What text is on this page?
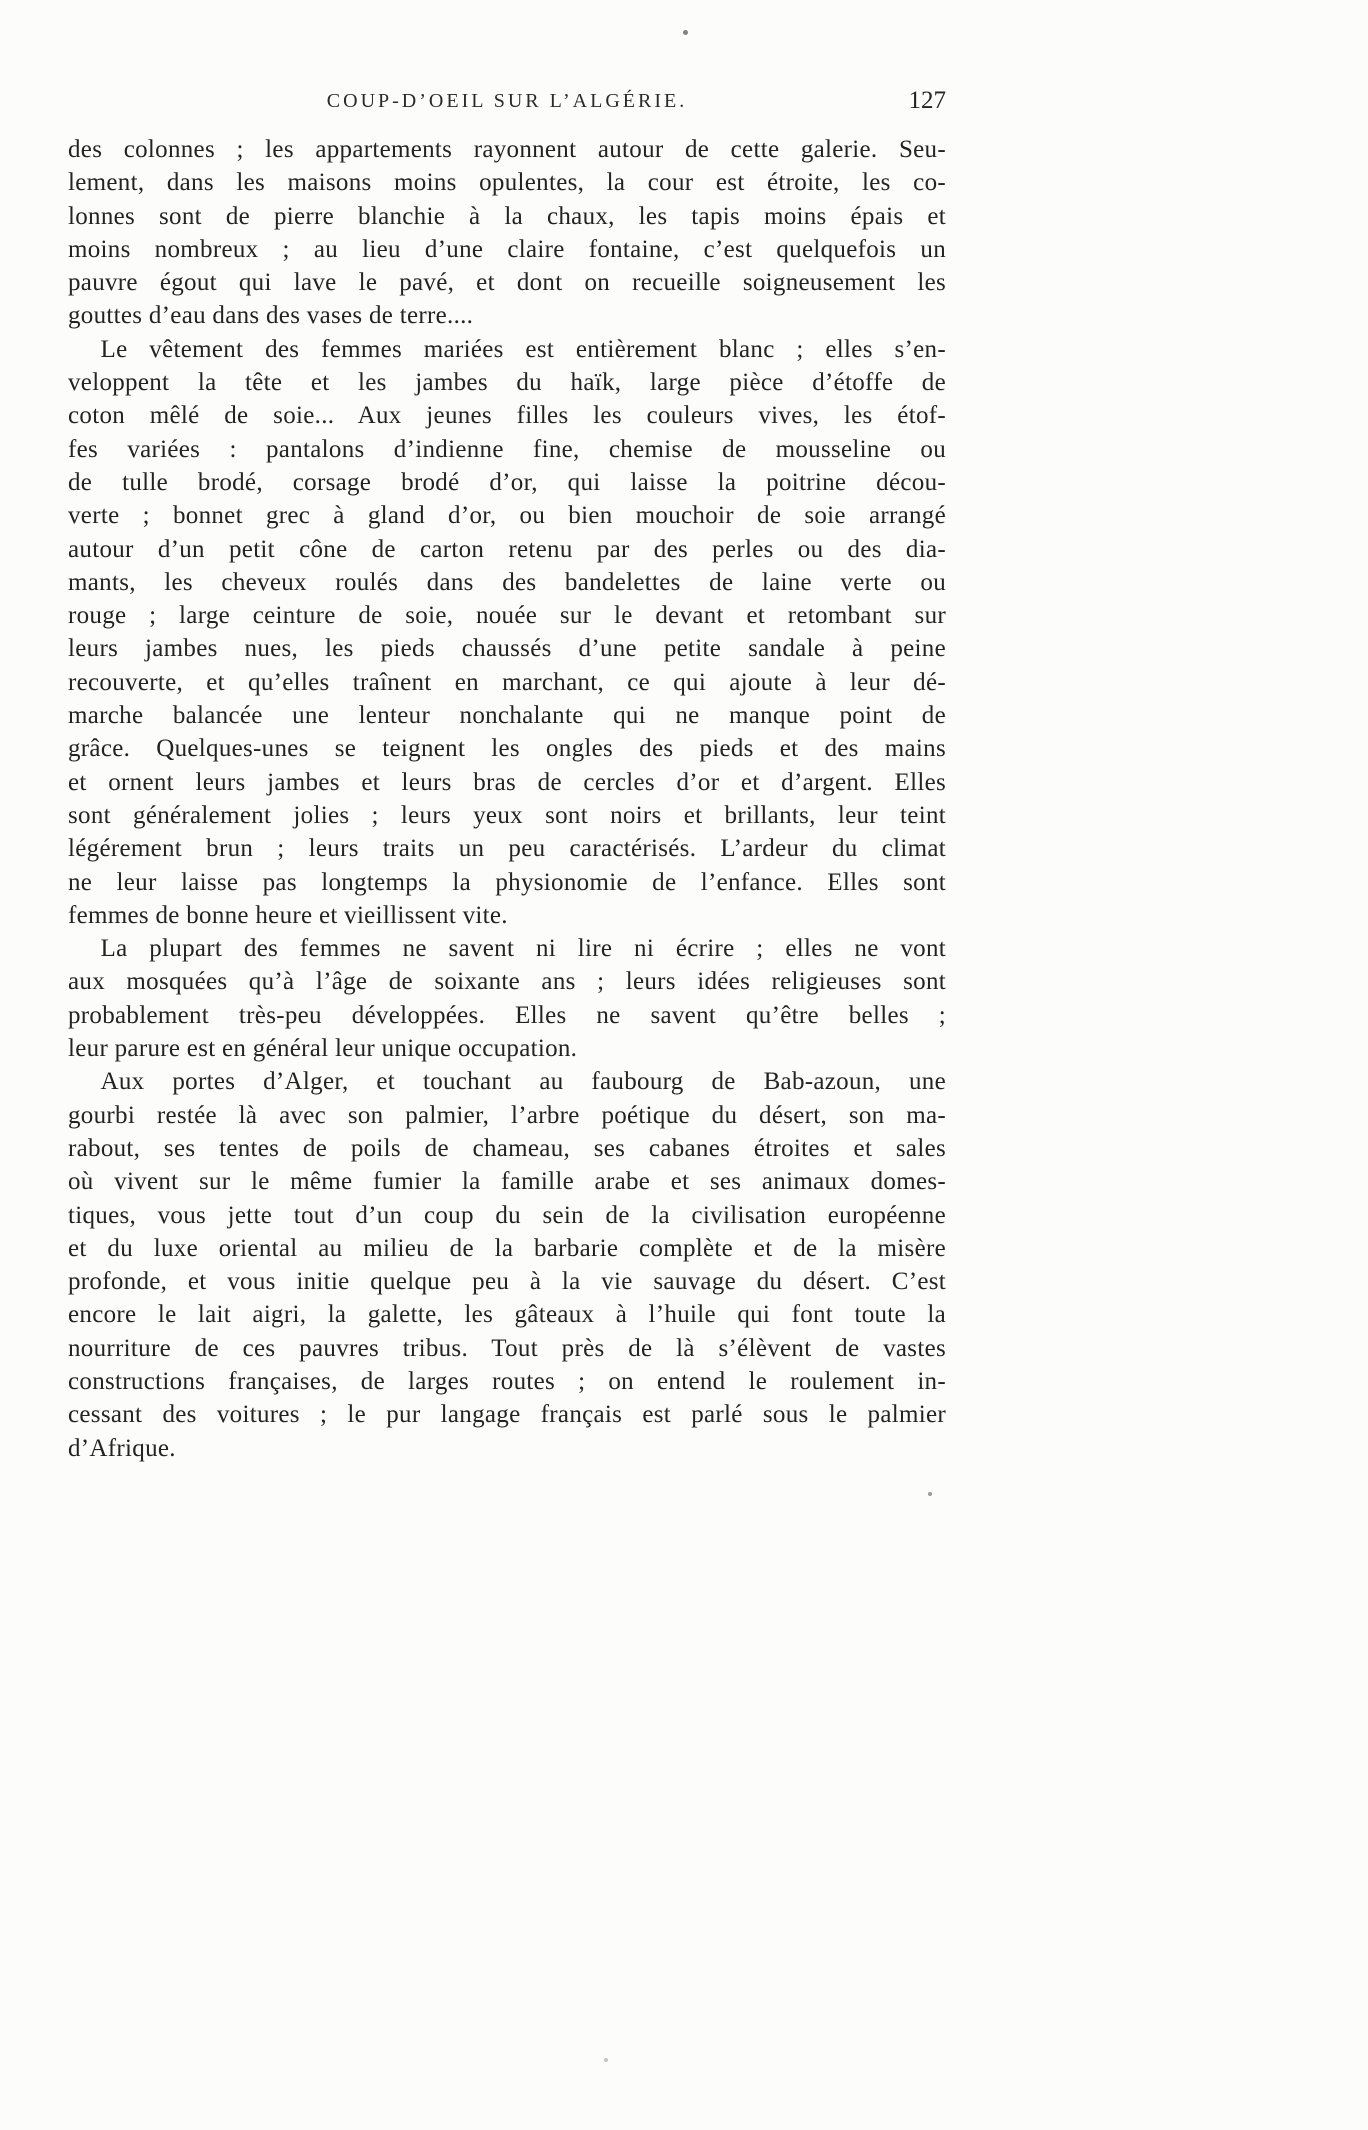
COUP-D’OEIL SUR L’ALGÉRIE.	127
des colonnes ; les appartements rayonnent autour de cette galerie. Seu-
lement, dans les maisons moins opulentes, la cour est étroite, les co-
lonnes sont de pierre blanchie à la chaux, les tapis moins épais et
moins nombreux ; au lieu d’une claire fontaine, c’est quelquefois un
pauvre égout qui lave le pavé, et dont on recueille soigneusement les
gouttes d’eau dans des vases de terre....
Le vêtement des femmes mariées est entièrement blanc ; elles s’en-
veloppent la tête et les jambes du haïk, large pièce d’étoffe de
coton mêlé de soie... Aux jeunes filles les couleurs vives, les étof-
fes variées : pantalons d’indienne fine, chemise de mousseline ou
de tulle brodé, corsage brodé d’or, qui laisse la poitrine décou-
verte ; bonnet grec à gland d’or, ou bien mouchoir de soie arrangé
autour d’un petit cône de carton retenu par des perles ou des dia-
mants, les cheveux roulés dans des bandelettes de laine verte ou
rouge ; large ceinture de soie, nouée sur le devant et retombant sur
leurs jambes nues, les pieds chaussés d’une petite sandale à peine
recouverte, et qu’elles traînent en marchant, ce qui ajoute à leur dé-
marche balancée une lenteur nonchalante qui ne manque point de
grâce. Quelques-unes se teignent les ongles des pieds et des mains
et ornent leurs jambes et leurs bras de cercles d’or et d’argent. Elles
sont généralement jolies ; leurs yeux sont noirs et brillants, leur teint
légérement brun ; leurs traits un peu caractérisés. L’ardeur du climat
ne leur laisse pas longtemps la physionomie de l’enfance. Elles sont
femmes de bonne heure et vieillissent vite.
La plupart des femmes ne savent ni lire ni écrire ; elles ne vont
aux mosquées qu’à l’âge de soixante ans ; leurs idées religieuses sont
probablement très-peu développées. Elles ne savent qu’être belles ;
leur parure est en général leur unique occupation.
Aux portes d’Alger, et touchant au faubourg de Bab-azoun, une
gourbi restée là avec son palmier, l’arbre poétique du désert, son ma-
rabout, ses tentes de poils de chameau, ses cabanes étroites et sales
où vivent sur le même fumier la famille arabe et ses animaux domes-
tiques, vous jette tout d’un coup du sein de la civilisation européenne
et du luxe oriental au milieu de la barbarie complète et de la misère
profonde, et vous initie quelque peu à la vie sauvage du désert. C’est
encore le lait aigri, la galette, les gâteaux à l’huile qui font toute la
nourriture de ces pauvres tribus. Tout près de là s’élèvent de vastes
constructions françaises, de larges routes ; on entend le roulement in-
cessant des voitures ; le pur langage français est parlé sous le palmier
d’Afrique.
